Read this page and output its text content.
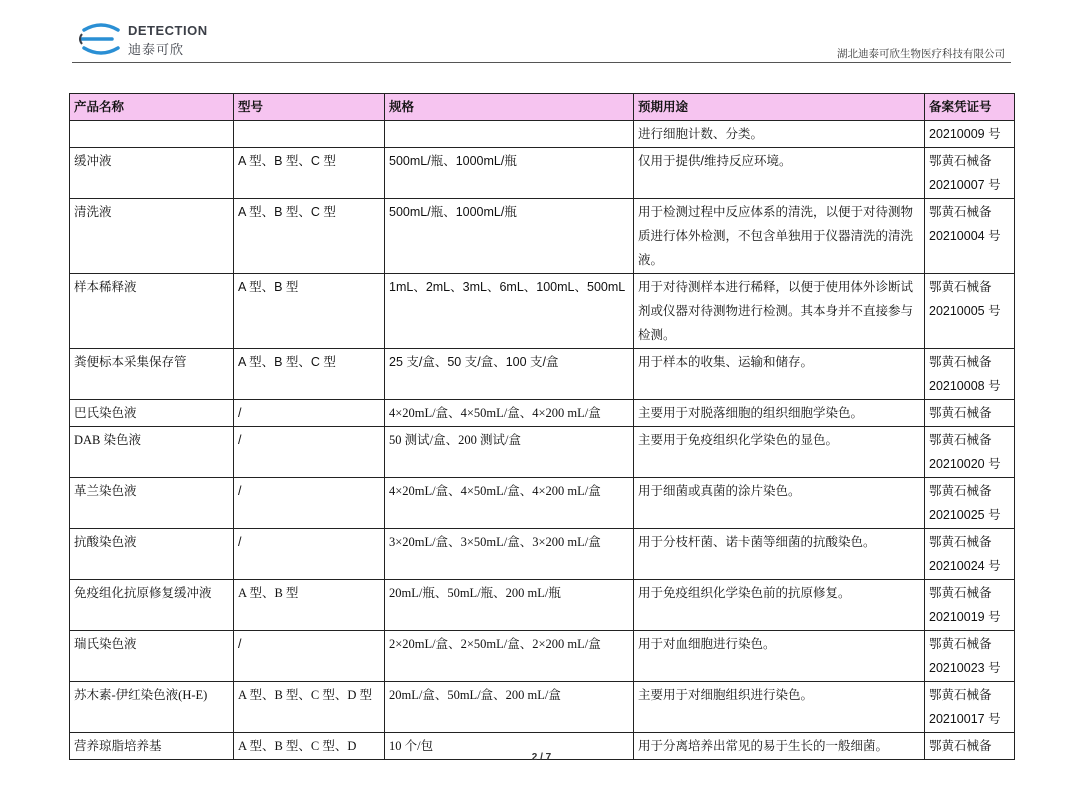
DETECTION
迪泰可欣	湖北迪泰可欣生物医疗科技有限公司
产品名称	型号	规格	预期用途	备案凭证号
			进行细胞计数、分类。	20210009 号
缓冲液	A 型、B 型、C 型	500mL/瓶、1000mL/瓶	仅用于提供/维持反应环境。	鄂黄石械备 20210007 号
清洗液	A 型、B 型、C 型	500mL/瓶、1000mL/瓶	用于检测过程中反应体系的清洗，以便于对待测物质进行体外检测，不包含单独用于仪器清洗的清洗液。	鄂黄石械备 20210004 号
样本稀释液	A 型、B 型	1mL、2mL、3mL、6mL、100mL、500mL	用于对待测样本进行稀释，以便于使用体外诊断试剂或仪器对待测物进行检测。其本身并不直接参与检测。	鄂黄石械备 20210005 号
粪便标本采集保存管	A 型、B 型、C 型	25 支/盒、50 支/盒、100 支/盒	用于样本的收集、运输和储存。	鄂黄石械备 20210008 号
巴氏染色液	/	4×20mL/盒、4×50mL/盒、4×200 mL/盒	主要用于对脱落细胞的组织细胞学染色。	鄂黄石械备
DAB 染色液	/	50 测试/盒、200 测试/盒	主要用于免疫组织化学染色的显色。	鄂黄石械备 20210020 号
革兰染色液	/	4×20mL/盒、4×50mL/盒、4×200 mL/盒	用于细菌或真菌的涂片染色。	鄂黄石械备 20210025 号
抗酸染色液	/	3×20mL/盒、3×50mL/盒、3×200 mL/盒	用于分枝杆菌、诺卡菌等细菌的抗酸染色。	鄂黄石械备 20210024 号
免疫组化抗原修复缓冲液	A 型、B 型	20mL/瓶、50mL/瓶、200 mL/瓶	用于免疫组织化学染色前的抗原修复。	鄂黄石械备 20210019 号
瑞氏染色液	/	2×20mL/盒、2×50mL/盒、2×200 mL/盒	用于对血细胞进行染色。	鄂黄石械备 20210023 号
苏木素-伊红染色液(H-E)	A 型、B 型、C 型、D 型	20mL/盒、50mL/盒、200 mL/盒	主要用于对细胞组织进行染色。	鄂黄石械备 20210017 号
营养琼脂培养基	A 型、B 型、C 型、D	10 个/包	用于分离培养出常见的易于生长的一般细菌。	鄂黄石械备
2 / 7
